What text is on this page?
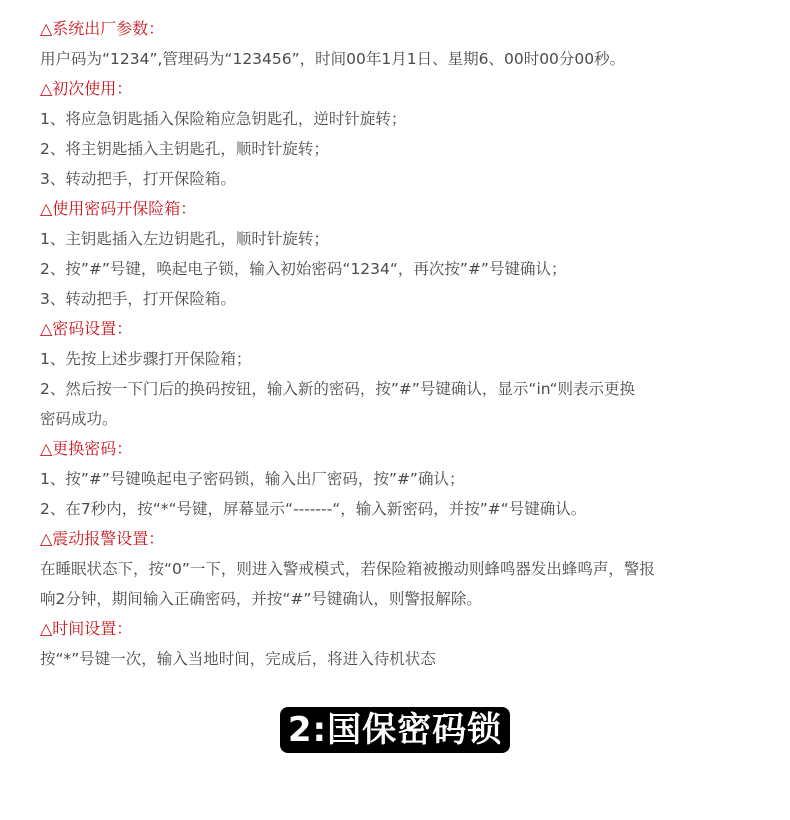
△系统出厂参数：
用户码为“1234”,管理码为“123456”，时间00年1月1日、星期6、00时00分00秒。
△初次使用：
1、将应急钥匙插入保险箱应急钥匙孔，逆时针旋转；
2、将主钥匙插入主钥匙孔，顺时针旋转；
3、转动把手，打开保险箱。
△使用密码开保险箱：
1、主钥匙插入左边钥匙孔，顺时针旋转；
2、按”#”号键，唤起电子锁，输入初始密码“1234“，再次按”#”号键确认；
3、转动把手，打开保险箱。
△密码设置：
1、先按上述步骤打开保险箱；
2、然后按一下门后的换码按钮，输入新的密码，按”#”号键确认，显示“in“则表示更换
密码成功。
△更换密码：
1、按”#”号键唤起电子密码锁，输入出厂密码，按”#”确认；
2、在7秒内，按“*“号键，屏幕显示“-------“，输入新密码，并按”#“号键确认。
△震动报警设置：
在睡眠状态下，按“0”一下，则进入警戒模式，若保险箱被搬动则蜂鸣器发出蜂鸣声，警报
响2分钟，期间输入正确密码，并按“#”号键确认，则警报解除。
△时间设置：
按“*”号键一次，输入当地时间，完成后，将进入待机状态
2:国保密码锁
